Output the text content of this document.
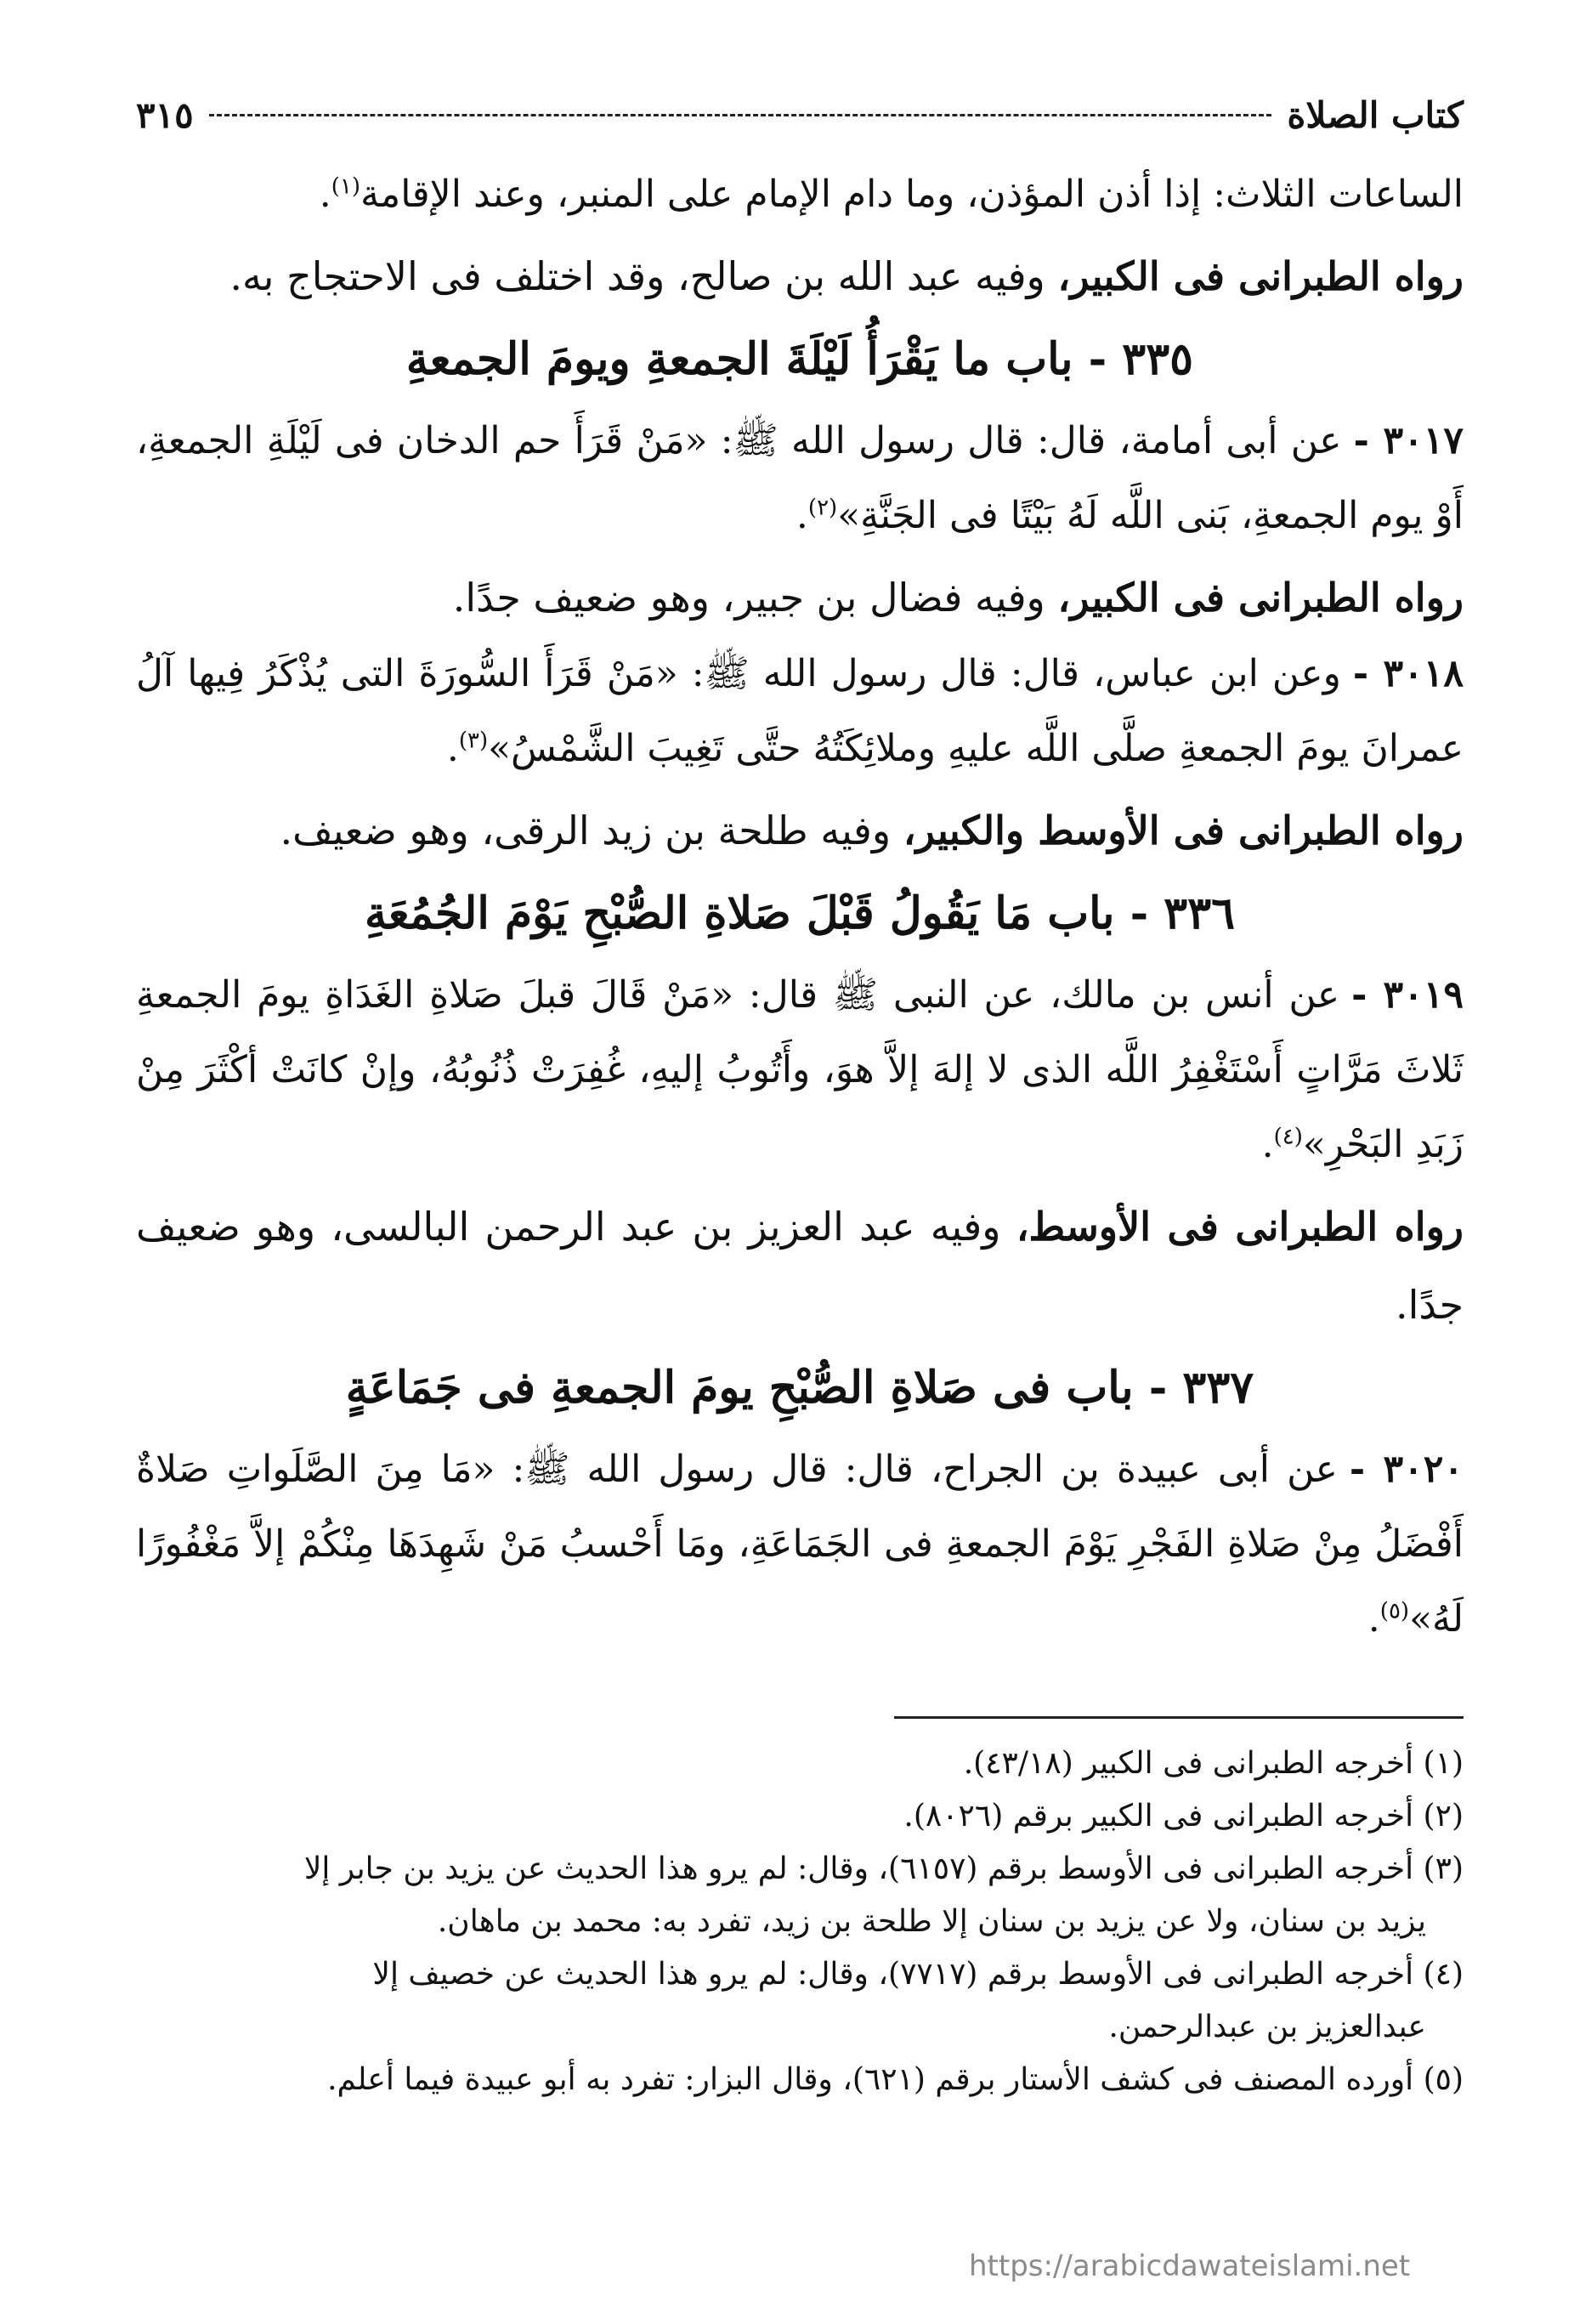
كتاب الصلاة
٣١٥

الساعات الثلاث: إذا أذن المؤذن، وما دام الإمام على المنبر، وعند الإقامة$^{(١)}$.

رواه الطبرانى فى الكبير، وفيه عبد الله بن صالح، وقد اختلف فى الاحتجاج به.

٣٣٥ - باب ما يَقْرَأُ لَيْلَةَ الجمعةِ ويومَ الجمعةِ

٣٠١٧ -عن أبى أمامة، قال: قال رسول الله ﷺ: «مَنْ قَرَأَ حم الدخان فى لَيْلَةِ الجمعةِ، أَوْ يوم الجمعةِ، بَنى اللَّه لَهُ بَيْتًا فى الجَنَّةِ»$^{(٢)}$.

رواه الطبرانى فى الكبير، وفيه فضال بن جبير، وهو ضعيف جدًا.

٣٠١٨ -وعن ابن عباس، قال: قال رسول الله ﷺ: «مَنْ قَرَأَ السُّورَةَ التى يُذْكَرُ فِيها آلُ عمرانَ يومَ الجمعةِ صلَّى اللَّه عليهِ وملائِكَتُهُ حتَّى تَغِيبَ الشَّمْسُ»$^{(٣)}$.

رواه الطبرانى فى الأوسط والكبير، وفيه طلحة بن زيد الرقى، وهو ضعيف.

٣٣٦ - باب مَا يَقُولُ قَبْلَ صَلاةِ الصُّبْحِ يَوْمَ الجُمُعَةِ

٣٠١٩ -عن أنس بن مالك، عن النبى ﷺ قال: «مَنْ قَالَ قبلَ صَلاةِ الغَدَاةِ يومَ الجمعةِ ثَلاثَ مَرَّاتٍ أَسْتَغْفِرُ اللَّه الذى لا إلهَ إلاَّ هوَ، وأَتُوبُ إليهِ، غُفِرَتْ ذُنُوبُهُ، وإنْ كانَتْ أكْثَرَ مِنْ زَبَدِ البَحْرِ»$^{(٤)}$.

رواه الطبرانى فى الأوسط، وفيه عبد العزيز بن عبد الرحمن البالسى، وهو ضعيف جدًا.

٣٣٧ - باب فى صَلاةِ الصُّبْحِ يومَ الجمعةِ فى جَمَاعَةٍ

٣٠٢٠ -عن أبى عبيدة بن الجراح، قال: قال رسول الله ﷺ: «مَا مِنَ الصَّلَواتِ صَلاةٌ أَفْضَلُ مِنْ صَلاةِ الفَجْرِ يَوْمَ الجمعةِ فى الجَمَاعَةِ، ومَا أَحْسبُ مَنْ شَهِدَهَا مِنْكُمْ إلاَّ مَغْفُورًا لَهُ»$^{(٥)}$.

(١) أخرجه الطبرانى فى الكبير (٤٣/١٨).

(٢) أخرجه الطبرانى فى الكبير برقم (٨٠٢٦).

(٣) أخرجه الطبرانى فى الأوسط برقم (٦١٥٧)، وقال: لم يرو هذا الحديث عن يزيد بن جابر إلا
يزيد بن سنان، ولا عن يزيد بن سنان إلا طلحة بن زيد، تفرد به: محمد بن ماهان.

(٤) أخرجه الطبرانى فى الأوسط برقم (٧٧١٧)، وقال: لم يرو هذا الحديث عن خصيف إلا
عبدالعزيز بن عبدالرحمن.

(٥) أورده المصنف فى كشف الأستار برقم (٦٢١)، وقال البزار: تفرد به أبو عبيدة فيما أعلم.

https://arabicdawateislami.net
